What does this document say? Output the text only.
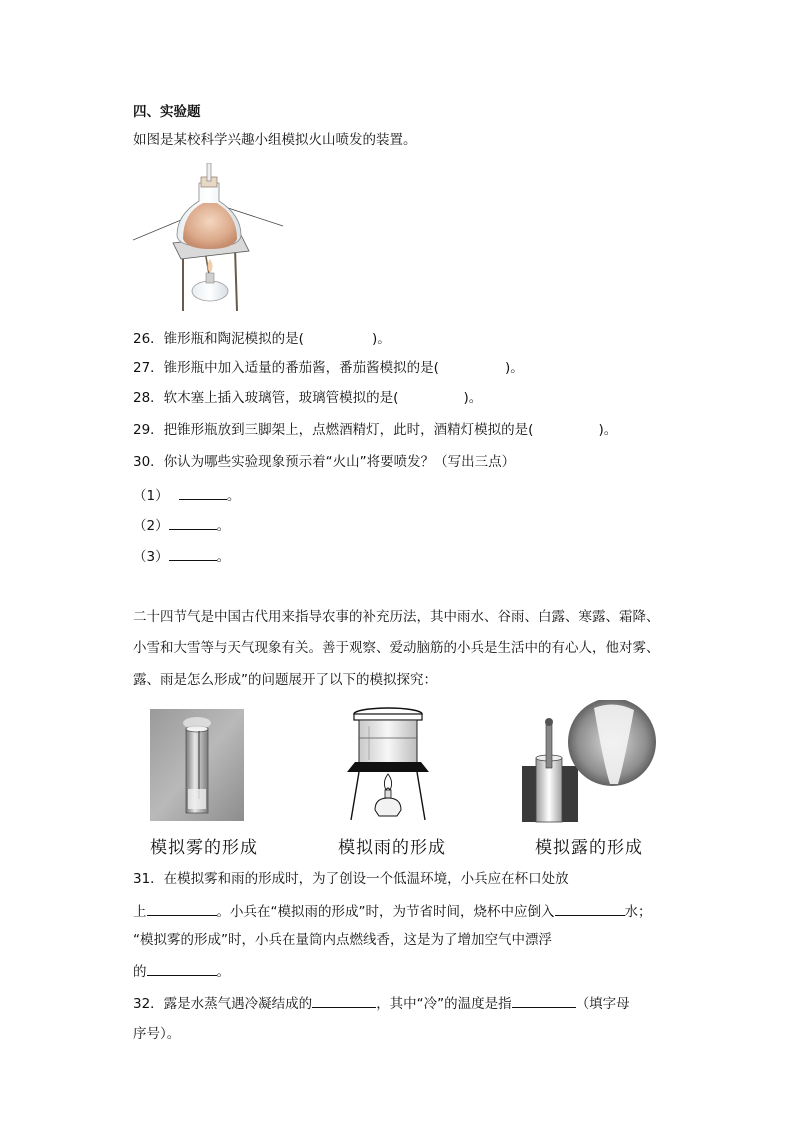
四、实验题
如图是某校科学兴趣小组模拟火山喷发的装置。
26．锥形瓶和陶泥模拟的是(	)。
27．锥形瓶中加入适量的番茄酱，番茄酱模拟的是(	)。
28．软木塞上插入玻璃管，玻璃管模拟的是(	)。
29．把锥形瓶放到三脚架上，点燃酒精灯，此时，酒精灯模拟的是(	)。
30．你认为哪些实验现象预示着“火山”将要喷发？（写出三点）
（1）	。
（2）	。
（3）	。
二十四节气是中国古代用来指导农事的补充历法，其中雨水、谷雨、白露、寒露、霜降、
小雪和大雪等与天气现象有关。善于观察、爱动脑筋的小兵是生活中的有心人，他对雾、
露、雨是怎么形成”的问题展开了以下的模拟探究：
模拟雾的形成	模拟雨的形成	模拟露的形成
31．在模拟雾和雨的形成时，为了创设一个低温环境，小兵应在杯口处放
上	。小兵在“模拟雨的形成”时，为节省时间，烧杯中应倒入	水；
“模拟雾的形成”时，小兵在量筒内点燃线香，这是为了增加空气中漂浮
的	。
32．露是水蒸气遇冷凝结成的	，其中“冷”的温度是指	（填字母
序号）。
